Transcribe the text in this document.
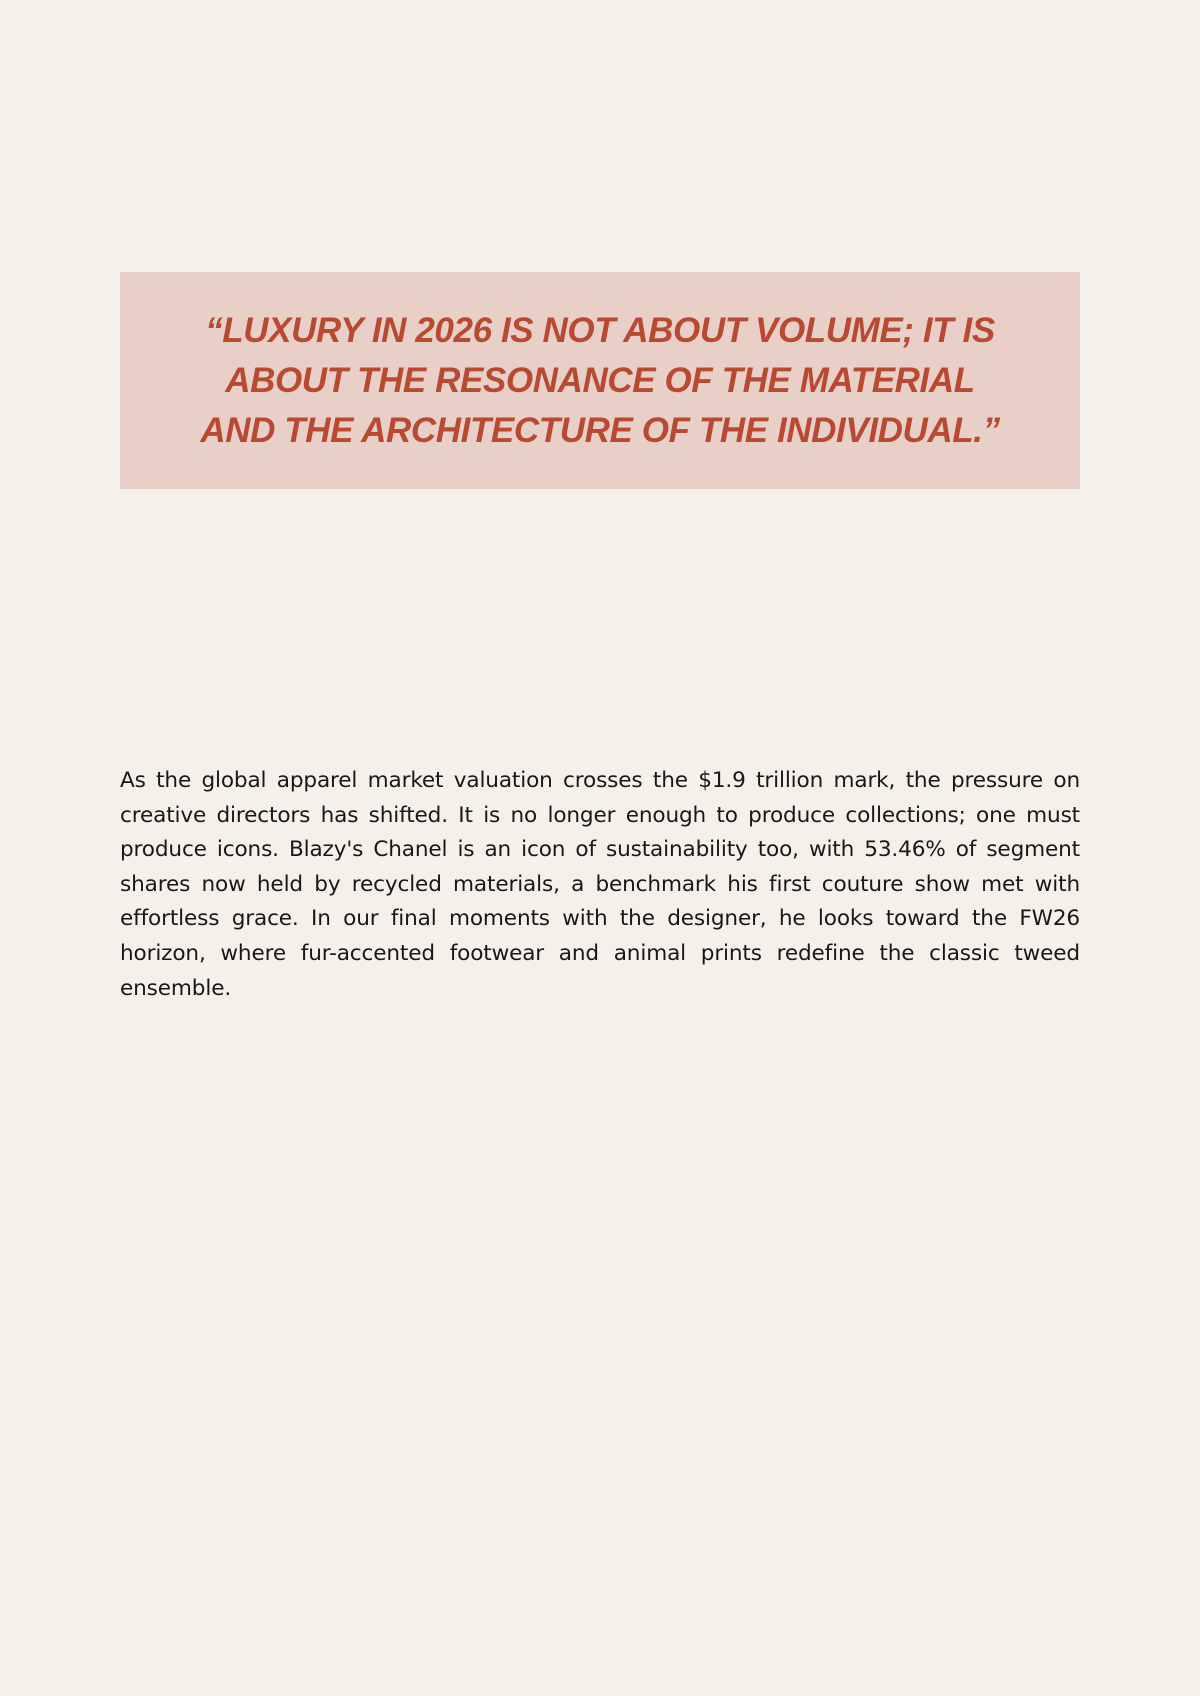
“LUXURY IN 2026 IS NOT ABOUT VOLUME; IT IS ABOUT THE RESONANCE OF THE MATERIAL AND THE ARCHITECTURE OF THE INDIVIDUAL.”

As the global apparel market valuation crosses the $1.9 trillion mark, the pressure on creative directors has shifted. It is no longer enough to produce collections; one must produce icons. Blazy's Chanel is an icon of sustainability too, with 53.46% of segment shares now held by recycled materials, a benchmark his first couture show met with effortless grace. In our final moments with the designer, he looks toward the FW26 horizon, where fur-accented footwear and animal prints redefine the classic tweed ensemble.
